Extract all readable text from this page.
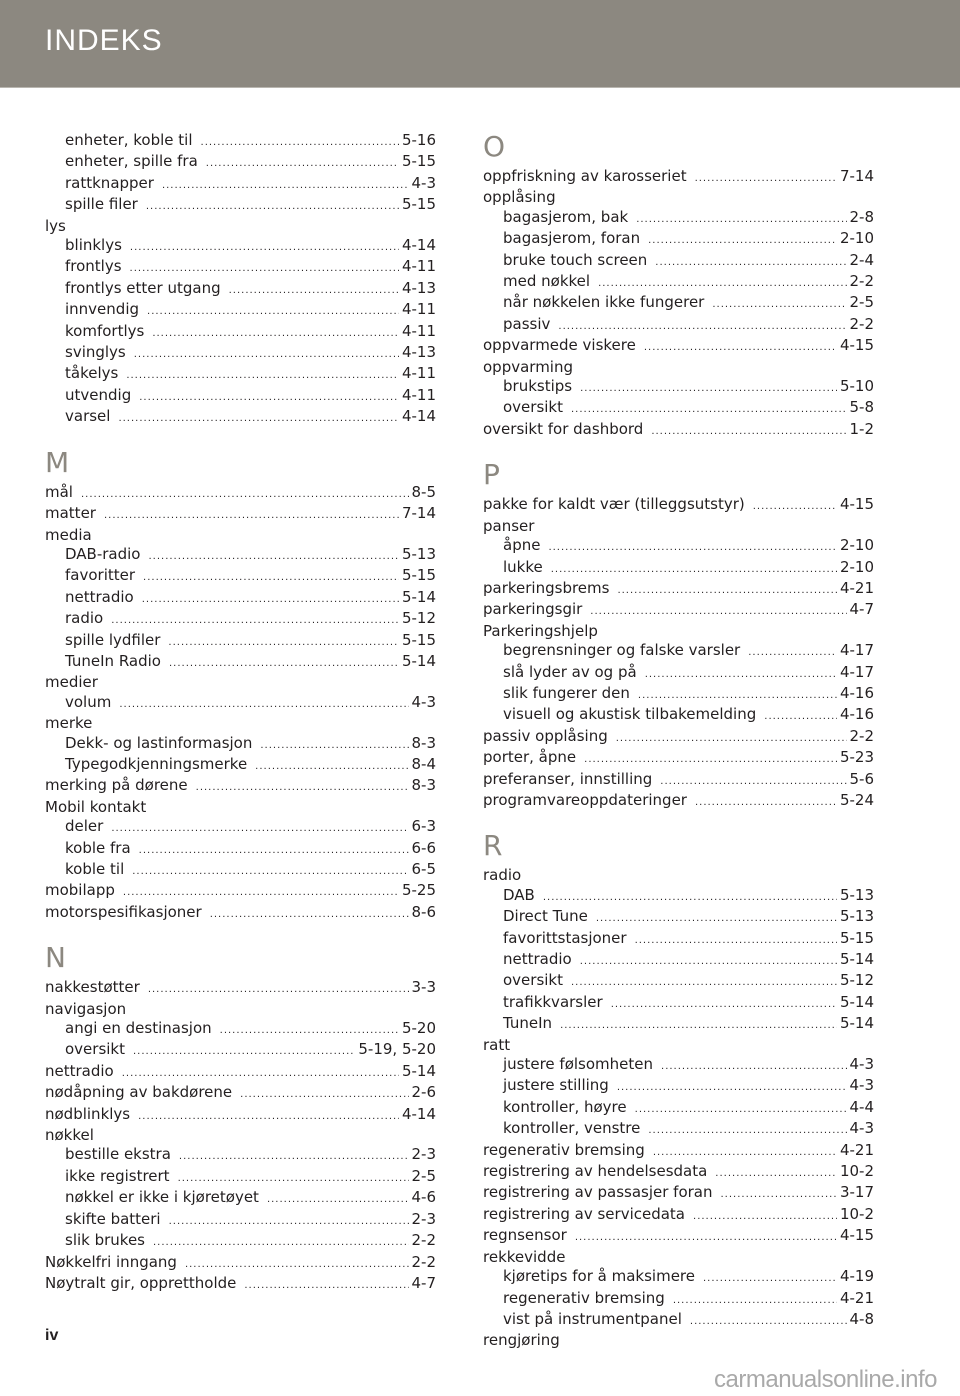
INDEKS
enheter, koble til .....	5-16
enheter, spille fra .....	5-15
rattknapper .....	4-3
spille filer .....	5-15
lys
blinklys .....	4-14
frontlys .....	4-11
frontlys etter utgang .....	4-13
innvendig .....	4-11
komfortlys .....	4-11
svinglys .....	4-13
tåkelys .....	4-11
utvendig .....	4-11
varsel .....	4-14
M
mål .....	8-5
matter .....	7-14
media
DAB-radio .....	5-13
favoritter .....	5-15
nettradio .....	5-14
radio .....	5-12
spille lydfiler .....	5-15
TuneIn Radio .....	5-14
medier
volum .....	4-3
merke
Dekk- og lastinformasjon .....	8-3
Typegodkjenningsmerke .....	8-4
merking på dørene .....	8-3
Mobil kontakt
deler .....	6-3
koble fra .....	6-6
koble til .....	6-5
mobilapp .....	5-25
motorspesifikasjoner .....	8-6
N
nakkestøtter .....	3-3
navigasjon
angi en destinasjon .....	5-20
oversikt .....	5-19, 5-20
nettradio .....	5-14
nødåpning av bakdørene .....	2-6
nødblinklys .....	4-14
nøkkel
bestille ekstra .....	2-3
ikke registrert .....	2-5
nøkkel er ikke i kjøretøyet .....	4-6
skifte batteri .....	2-3
slik brukes .....	2-2
Nøkkelfri inngang .....	2-2
Nøytralt gir, opprettholde .....	4-7
O
oppfriskning av karosseriet .....	7-14
opplåsing
bagasjerom, bak .....	2-8
bagasjerom, foran .....	2-10
bruke touch screen .....	2-4
med nøkkel .....	2-2
når nøkkelen ikke fungerer .....	2-5
passiv .....	2-2
oppvarmede viskere .....	4-15
oppvarming
brukstips .....	5-10
oversikt .....	5-8
oversikt for dashbord .....	1-2
P
pakke for kaldt vær (tilleggsutstyr) .....	4-15
panser
åpne .....	2-10
lukke .....	2-10
parkeringsbrems .....	4-21
parkeringsgir .....	4-7
Parkeringshjelp
begrensninger og falske varsler .....	4-17
slå lyder av og på .....	4-17
slik fungerer den .....	4-16
visuell og akustisk tilbakemelding .....	4-16
passiv opplåsing .....	2-2
porter, åpne .....	5-23
preferanser, innstilling .....	5-6
programvareoppdateringer .....	5-24
R
radio
DAB .....	5-13
Direct Tune .....	5-13
favorittstasjoner .....	5-15
nettradio .....	5-14
oversikt .....	5-12
trafikkvarsler .....	5-14
TuneIn .....	5-14
ratt
justere følsomheten .....	4-3
justere stilling .....	4-3
kontroller, høyre .....	4-4
kontroller, venstre .....	4-3
regenerativ bremsing .....	4-21
registrering av hendelsesdata .....	10-2
registrering av passasjer foran .....	3-17
registrering av servicedata .....	10-2
regnsensor .....	4-15
rekkevidde
kjøretips for å maksimere .....	4-19
regenerativ bremsing .....	4-21
vist på instrumentpanel .....	4-8
rengjøring
iv
carmanualsonline.info
